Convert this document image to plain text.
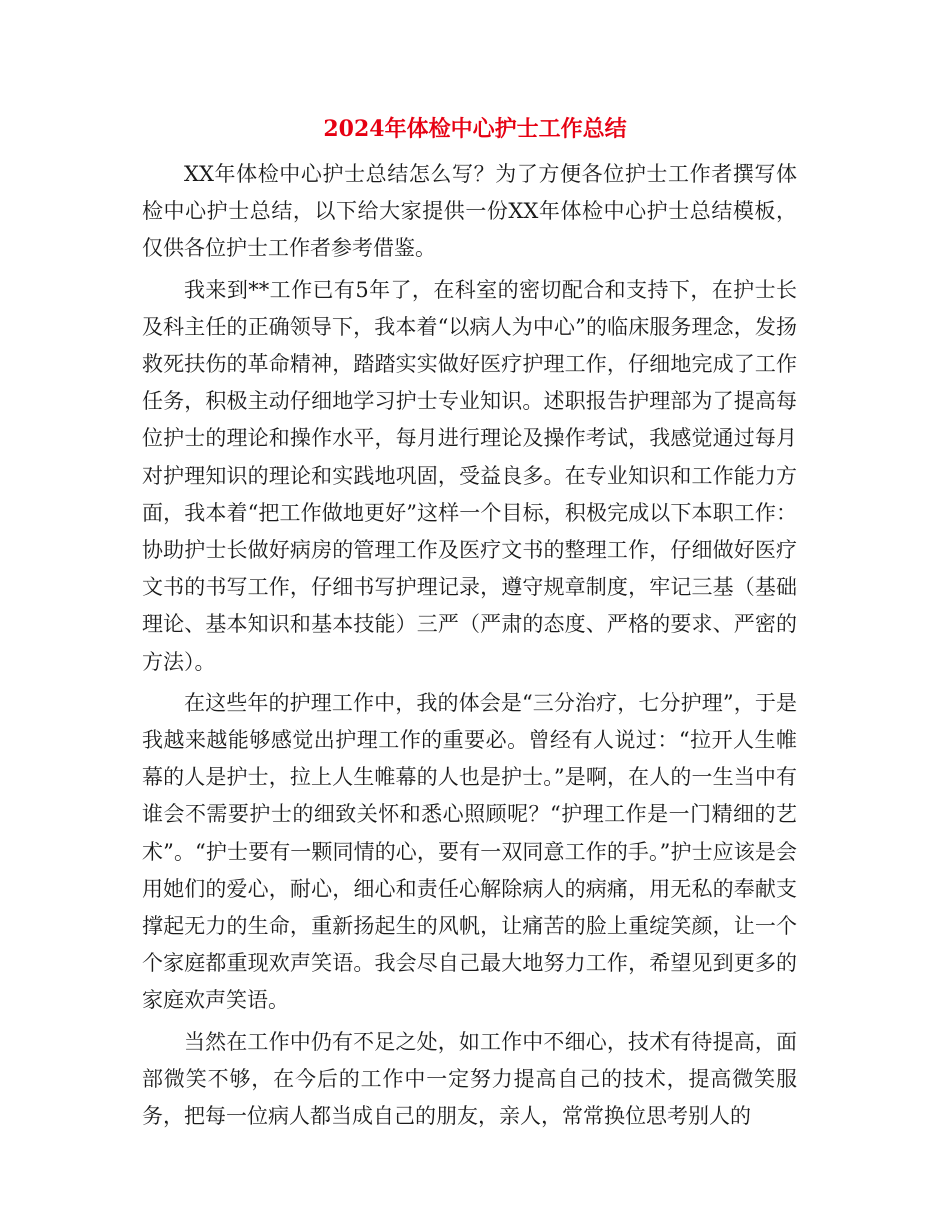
2024年体检中心护士工作总结

XX年体检中心护士总结怎么写？为了方便各位护士工作者撰写体检中心护士总结，以下给大家提供一份XX年体检中心护士总结模板，仅供各位护士工作者参考借鉴。

我来到**工作已有5年了，在科室的密切配合和支持下，在护士长及科主任的正确领导下，我本着“以病人为中心”的临床服务理念，发扬救死扶伤的革命精神，踏踏实实做好医疗护理工作，仔细地完成了工作任务，积极主动仔细地学习护士专业知识。述职报告护理部为了提高每位护士的理论和操作水平，每月进行理论及操作考试，我感觉通过每月对护理知识的理论和实践地巩固，受益良多。在专业知识和工作能力方面，我本着“把工作做地更好”这样一个目标，积极完成以下本职工作：协助护士长做好病房的管理工作及医疗文书的整理工作，仔细做好医疗文书的书写工作，仔细书写护理记录，遵守规章制度，牢记三基（基础理论、基本知识和基本技能）三严（严肃的态度、严格的要求、严密的方法）。

在这些年的护理工作中，我的体会是“三分治疗，七分护理”，于是我越来越能够感觉出护理工作的重要必。曾经有人说过：“拉开人生帷幕的人是护士，拉上人生帷幕的人也是护士。”是啊，在人的一生当中有谁会不需要护士的细致关怀和悉心照顾呢？“护理工作是一门精细的艺术”。“护士要有一颗同情的心，要有一双同意工作的手。”护士应该是会用她们的爱心，耐心，细心和责任心解除病人的病痛，用无私的奉献支撑起无力的生命，重新扬起生的风帆，让痛苦的脸上重绽笑颜，让一个个家庭都重现欢声笑语。我会尽自己最大地努力工作，希望见到更多的家庭欢声笑语。

当然在工作中仍有不足之处，如工作中不细心，技术有待提高，面部微笑不够，在今后的工作中一定努力提高自己的技术，提高微笑服务，把每一位病人都当成自己的朋友，亲人，常常换位思考别人的
